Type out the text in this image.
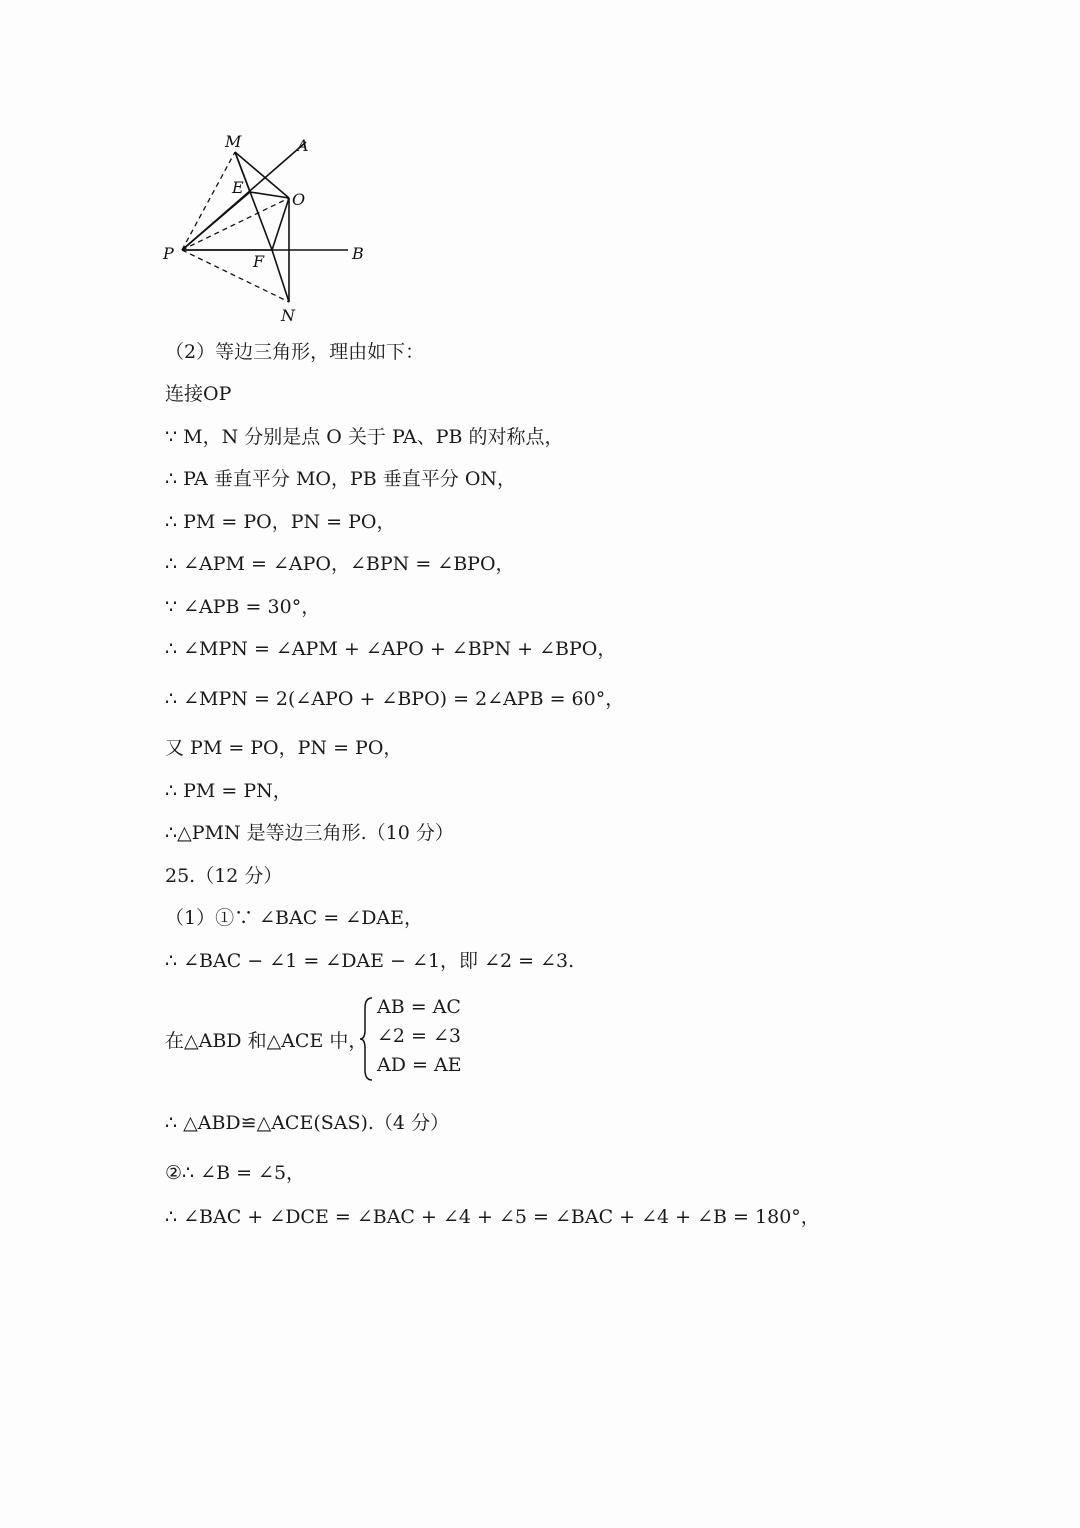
M	A
E
O
P	F	B
N
（2）等边三角形，理由如下：
连接OP
∵ M，N 分别是点 O 关于 PA、PB 的对称点，
∴ PA 垂直平分 MO，PB 垂直平分 ON，
∴ PM = PO，PN = PO，
∴ ∠APM = ∠APO，∠BPN = ∠BPO，
∵ ∠APB = 30°，
∴ ∠MPN = ∠APM + ∠APO + ∠BPN + ∠BPO，
∴ ∠MPN = 2(∠APO + ∠BPO) = 2∠APB = 60°，
又 PM = PO，PN = PO，
∴ PM = PN，
∴△PMN 是等边三角形.（10 分）
25.（12 分）
（1）①∵ ∠BAC = ∠DAE，
∴ ∠BAC − ∠1 = ∠DAE − ∠1，即 ∠2 = ∠3.
在△ABD 和△ACE 中，
AB = AC
∠2 = ∠3
AD = AE
∴ △ABD≌△ACE(SAS).（4 分）
②∴ ∠B = ∠5，
∴ ∠BAC + ∠DCE = ∠BAC + ∠4 + ∠5 = ∠BAC + ∠4 + ∠B = 180°，
